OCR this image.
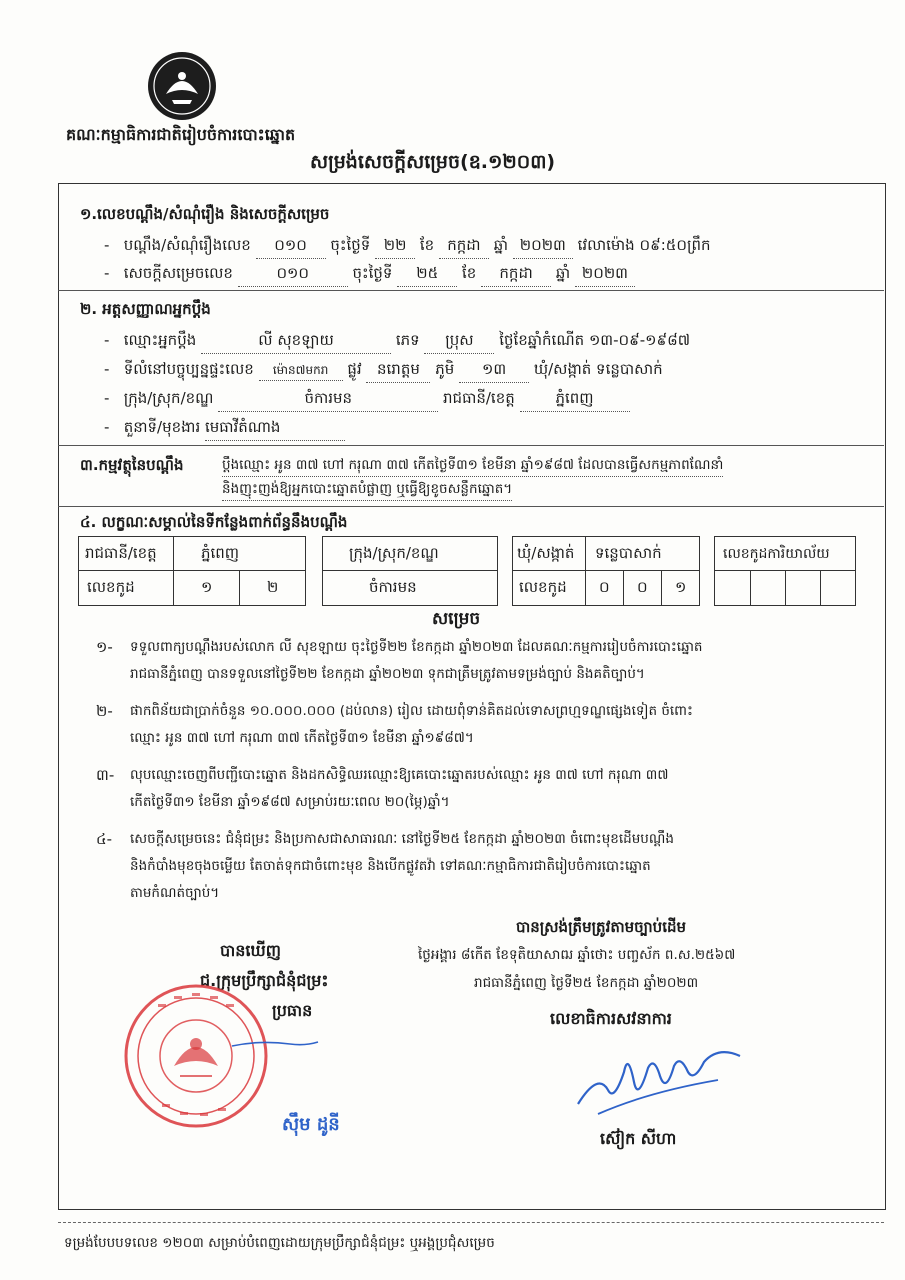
គណៈកម្មាធិការជាតិរៀបចំការបោះឆ្នោត
សម្រង់សេចក្តីសម្រេច(ឧ.១២០៣)
១.លេខបណ្តឹង/សំណុំរឿង និងសេចក្តីសម្រេច
-   បណ្តឹង/សំណុំរឿងលេខ ០១០ ចុះថ្ងៃទី ២២ ខែ កក្កដា ឆ្នាំ ២០២៣ វេលាម៉ោង ០៩:៥០ព្រឹក
-   សេចក្តីសម្រេចលេខ	០១០	ចុះថ្ងៃទី ២៥ ខែ កក្កដា ឆ្នាំ ២០២៣
២. អត្តសញ្ញាណអ្នកប្តឹង
-   ឈ្មោះអ្នកប្តឹង	លី សុខឡាយ	ភេទ ប្រុស ថ្ងៃខែឆ្នាំកំណើត ១៣-០៩-១៩៨៧
-   ទីលំនៅបច្ចុប្បន្នផ្ទះលេខ ម៉ោន៧មករា ផ្លូវ នរោត្តម ភូមិ ១៣ ឃុំ/សង្កាត់ ទន្លេបាសាក់
-   ក្រុង/ស្រុក/ខណ្ឌ	ចំការមន	រាជធានី/ខេត្ត	ភ្នំពេញ
-   តួនាទី/មុខងារ មេធាវីតំណាង
៣.កម្មវត្ថុនៃបណ្តឹង	ប្តឹងឈ្មោះ អូន ៣៧ ហៅ ករុណា ៣៧ កើតថ្ងៃទី៣១ ខែមីនា ឆ្នាំ១៩៨៧ ដែលបានធ្វើសកម្មភាពណែនាំ
និងញុះញង់ឱ្យអ្នកបោះឆ្នោតបំផ្លាញ ឬធ្វើឱ្យខូចសន្លឹកឆ្នោត។
៤. លក្ខណៈសម្គាល់នៃទីកន្លែងពាក់ព័ន្ធនឹងបណ្តឹង
រាជធានី/ខេត្ត	ភ្នំពេញ
លេខកូដ	១	២
ក្រុង/ស្រុក/ខណ្ឌ
ចំការមន
ឃុំ/សង្កាត់ ទន្លេបាសាក់
លេខកូដ ០ ០ ១
លេខកូដការិយាល័យ
សម្រេច
១- ទទួលពាក្យបណ្តឹងរបស់លោក លី សុខឡាយ ចុះថ្ងៃទី២២ ខែកក្កដា ឆ្នាំ២០២៣ ដែលគណៈកម្មការរៀបចំការបោះឆ្នោត
រាជធានីភ្នំពេញ បានទទួលនៅថ្ងៃទី២២ ខែកក្កដា ឆ្នាំ២០២៣ ទុកជាត្រឹមត្រូវតាមទម្រង់ច្បាប់ និងគតិច្បាប់។
២- ផាកពិន័យជាប្រាក់ចំនួន ១០.០០០.០០០ (ដប់លាន) រៀល ដោយពុំទាន់គិតដល់ទោសព្រហ្មទណ្ឌផ្សេងទៀត ចំពោះ
ឈ្មោះ អូន ៣៧ ហៅ ករុណា ៣៧ កើតថ្ងៃទី៣១ ខែមីនា ឆ្នាំ១៩៨៧។
៣- លុបឈ្មោះចេញពីបញ្ជីបោះឆ្នោត និងដកសិទ្ធិឈរឈ្មោះឱ្យគេបោះឆ្នោតរបស់ឈ្មោះ អូន ៣៧ ហៅ ករុណា ៣៧
កើតថ្ងៃទី៣១ ខែមីនា ឆ្នាំ១៩៨៧ សម្រាប់រយៈពេល ២០(ម្ភៃ)ឆ្នាំ។
៤- សេចក្តីសម្រេចនេះ ជំនុំជម្រះ និងប្រកាសជាសាធារណៈ នៅថ្ងៃទី២៥ ខែកក្កដា ឆ្នាំ២០២៣ ចំពោះមុខដើមបណ្តឹង
និងកំបាំងមុខចុងចម្លើយ តែចាត់ទុកជាចំពោះមុខ និងបើកផ្លូវតវ៉ា ទៅគណៈកម្មាធិការជាតិរៀបចំការបោះឆ្នោត
តាមកំណត់ច្បាប់។
បានឃើញ
ជ.ក្រុមប្រឹក្សាជំនុំជម្រះ
ប្រធាន
ស៊ឹម ដូនី
បានស្រង់ត្រឹមត្រូវតាមច្បាប់ដើម
ថ្ងៃអង្គារ ៨កើត ខែទុតិយាសាឍ ឆ្នាំថោះ បញ្ចស័ក ព.ស.២៥៦៧
រាជធានីភ្នំពេញ ថ្ងៃទី២៥ ខែកក្កដា ឆ្នាំ២០២៣
លេខាធិការសវនាការ
ស៊ៀក សីហា
ទម្រង់បែបបទលេខ ១២០៣ សម្រាប់បំពេញដោយក្រុមប្រឹក្សាជំនុំជម្រះ ឬអង្គប្រជុំសម្រេច
